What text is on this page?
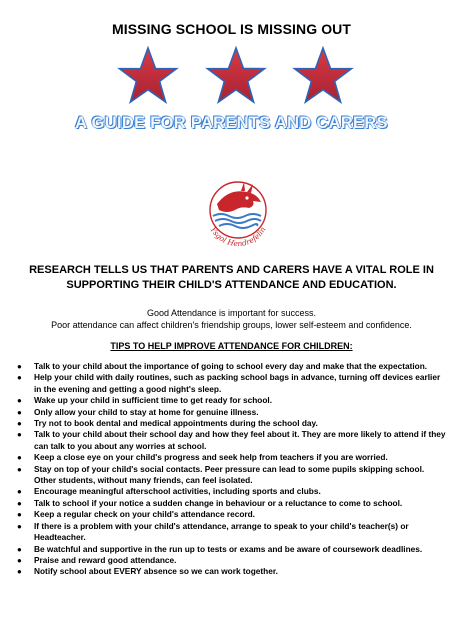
MISSING SCHOOL IS MISSING OUT
A GUIDE FOR PARENTS AND CARERS
Ysgol Hendrefelin
RESEARCH TELLS US THAT PARENTS AND CARERS HAVE A VITAL ROLE IN SUPPORTING THEIR CHILD'S ATTENDANCE AND EDUCATION.
Good Attendance is important for success.
Poor attendance can affect children's friendship groups, lower self-esteem and confidence.
TIPS TO HELP IMPROVE ATTENDANCE FOR CHILDREN:
● Talk to your child about the importance of going to school every day and make that the expectation.
● Help your child with daily routines, such as packing school bags in advance, turning off devices earlier in the evening and getting a good night's sleep.
● Wake up your child in sufficient time to get ready for school.
● Only allow your child to stay at home for genuine illness.
● Try not to book dental and medical appointments during the school day.
● Talk to your child about their school day and how they feel about it. They are more likely to attend if they can talk to you about any worries at school.
● Keep a close eye on your child's progress and seek help from teachers if you are worried.
● Stay on top of your child's social contacts. Peer pressure can lead to some pupils skipping school. Other students, without many friends, can feel isolated.
● Encourage meaningful afterschool activities, including sports and clubs.
● Talk to school if your notice a sudden change in behaviour or a reluctance to come to school.
● Keep a regular check on your child's attendance record.
● If there is a problem with your child's attendance, arrange to speak to your child's teacher(s) or Headteacher.
● Be watchful and supportive in the run up to tests or exams and be aware of coursework deadlines.
● Praise and reward good attendance.
● Notify school about EVERY absence so we can work together.
